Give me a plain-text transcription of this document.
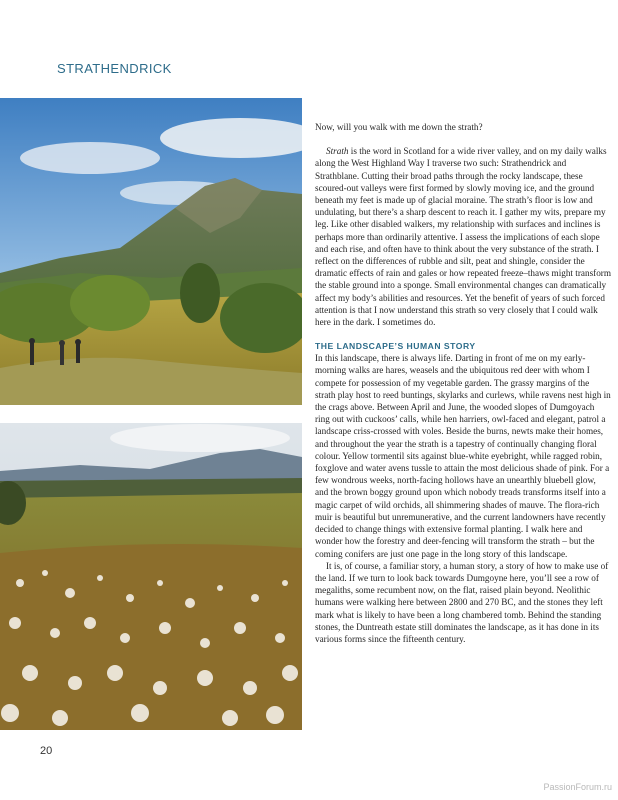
STRATHENDRICK

Now, will you walk with me down the strath?

Strath is the word in Scotland for a wide river valley, and on my daily walks along the West Highland Way I traverse two such: Strathendrick and Strathblane. Cutting their broad paths through the rocky landscape, these scoured-out valleys were first formed by slowly moving ice, and the ground beneath my feet is made up of glacial moraine. The strath’s floor is low and undulating, but there’s a sharp descent to reach it. I gather my wits, prepare my leg. Like other disabled walkers, my relationship with surfaces and inclines is perhaps more than ordinarily attentive. I assess the implications of each slope and each rise, and often have to think about the very substance of the strath. I reflect on the differences of rubble and silt, peat and shingle, consider the dramatic effects of rain and gales or how repeated freeze–thaws might transform the stable ground into a sponge. Small environmental changes can dramatically affect my body’s abilities and resources. Yet the benefit of years of such forced attention is that I now understand this strath so very closely that I could walk here in the dark. I sometimes do.

THE LANDSCAPE’S HUMAN STORY

In this landscape, there is always life. Darting in front of me on my early-morning walks are hares, weasels and the ubiquitous red deer with whom I compete for possession of my vegetable garden. The grassy margins of the strath play host to reed buntings, skylarks and curlews, while ravens nest high in the crags above. Between April and June, the wooded slopes of Dumgoyach ring out with cuckoos’ calls, while hen harriers, owl-faced and elegant, patrol a landscape criss-crossed with voles. Beside the burns, newts make their homes, and throughout the year the strath is a tapestry of continually changing floral colour. Yellow tormentil sits against blue-white eyebright, while ragged robin, foxglove and water avens tussle to attain the most delicious shade of pink. For a few wondrous weeks, north-facing hollows have an unearthly bluebell glow, and the brown boggy ground upon which nobody treads transforms itself into a magic carpet of wild orchids, all shimmering shades of mauve. The flora-rich muir is beautiful but unremunerative, and the current landowners have recently decided to change things with extensive formal planting. I walk here and wonder how the forestry and deer-fencing will transform the strath – but the coming conifers are just one page in the long story of this landscape.

It is, of course, a familiar story, a human story, a story of how to make use of the land. If we turn to look back towards Dumgoyne here, you’ll see a row of megaliths, some recumbent now, on the flat, raised plain beyond. Neolithic humans were walking here between 2800 and 270 BC, and the stones they left mark what is likely to have been a long chambered tomb. Behind the standing stones, the Duntreath estate still dominates the landscape, as it has done in its various forms since the fifteenth century.

20
PassionForum.ru
